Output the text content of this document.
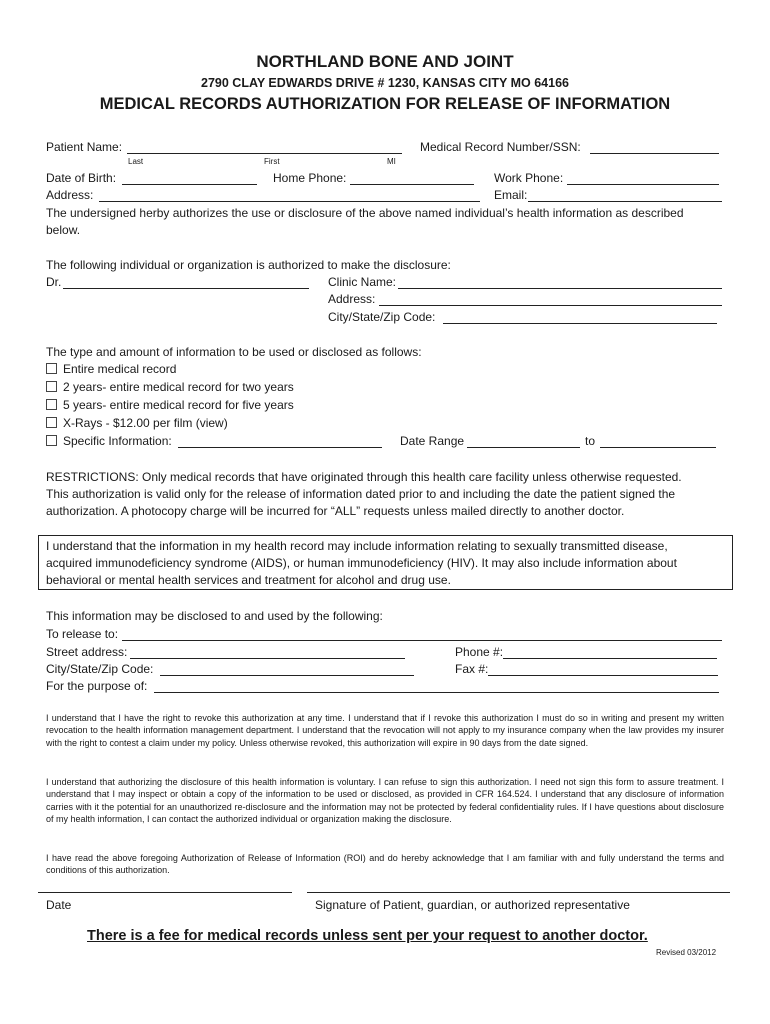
NORTHLAND BONE AND JOINT
2790 CLAY EDWARDS DRIVE # 1230, KANSAS CITY MO 64166
MEDICAL RECORDS AUTHORIZATION FOR RELEASE OF INFORMATION
Patient Name:	Medical Record Number/SSN:
Last	First	MI
Date of Birth:	Home Phone:	Work Phone:
Address:	Email:
The undersigned herby authorizes the use or disclosure of the above named individual’s health information as described
below.
The following individual or organization is authorized to make the disclosure:
Dr.	Clinic Name:
Address:
City/State/Zip Code:
The type and amount of information to be used or disclosed as follows:
Entire medical record
2 years- entire medical record for two years
5 years- entire medical record for five years
X-Rays - $12.00 per film (view)
Specific Information:	Date Range	to
RESTRICTIONS: Only medical records that have originated through this health care facility unless otherwise requested.
This authorization is valid only for the release of information dated prior to and including the date the patient signed the
authorization. A photocopy charge will be incurred for “ALL” requests unless mailed directly to another doctor.
I understand that the information in my health record may include information relating to sexually transmitted disease,
acquired immunodeficiency syndrome (AIDS), or human immunodeficiency (HIV). It may also include information about
behavioral or mental health services and treatment for alcohol and drug use.
This information may be disclosed to and used by the following:
To release to:
Street address:	Phone #:
City/State/Zip Code:	Fax #:
For the purpose of:
I understand that I have the right to revoke this authorization at any time. I understand that if I revoke this authorization I must do so in writing and present my written revocation to the health information management department. I understand that the revocation will not apply to my insurance company when the law provides my insurer with the right to contest a claim under my policy. Unless otherwise revoked, this authorization will expire in 90 days from the date signed.
I understand that authorizing the disclosure of this health information is voluntary. I can refuse to sign this authorization. I need not sign this form to assure treatment. I understand that I may inspect or obtain a copy of the information to be used or disclosed, as provided in CFR 164.524. I understand that any disclosure of information carries with it the potential for an unauthorized re-disclosure and the information may not be protected by federal confidentiality rules. If I have questions about disclosure of my health information, I can contact the authorized individual or organization making the disclosure.
I have read the above foregoing Authorization of Release of Information (ROI) and do hereby acknowledge that I am familiar with and fully understand the terms and conditions of this authorization.
Date	Signature of Patient, guardian, or authorized representative
There is a fee for medical records unless sent per your request to another doctor.
Revised 03/2012
